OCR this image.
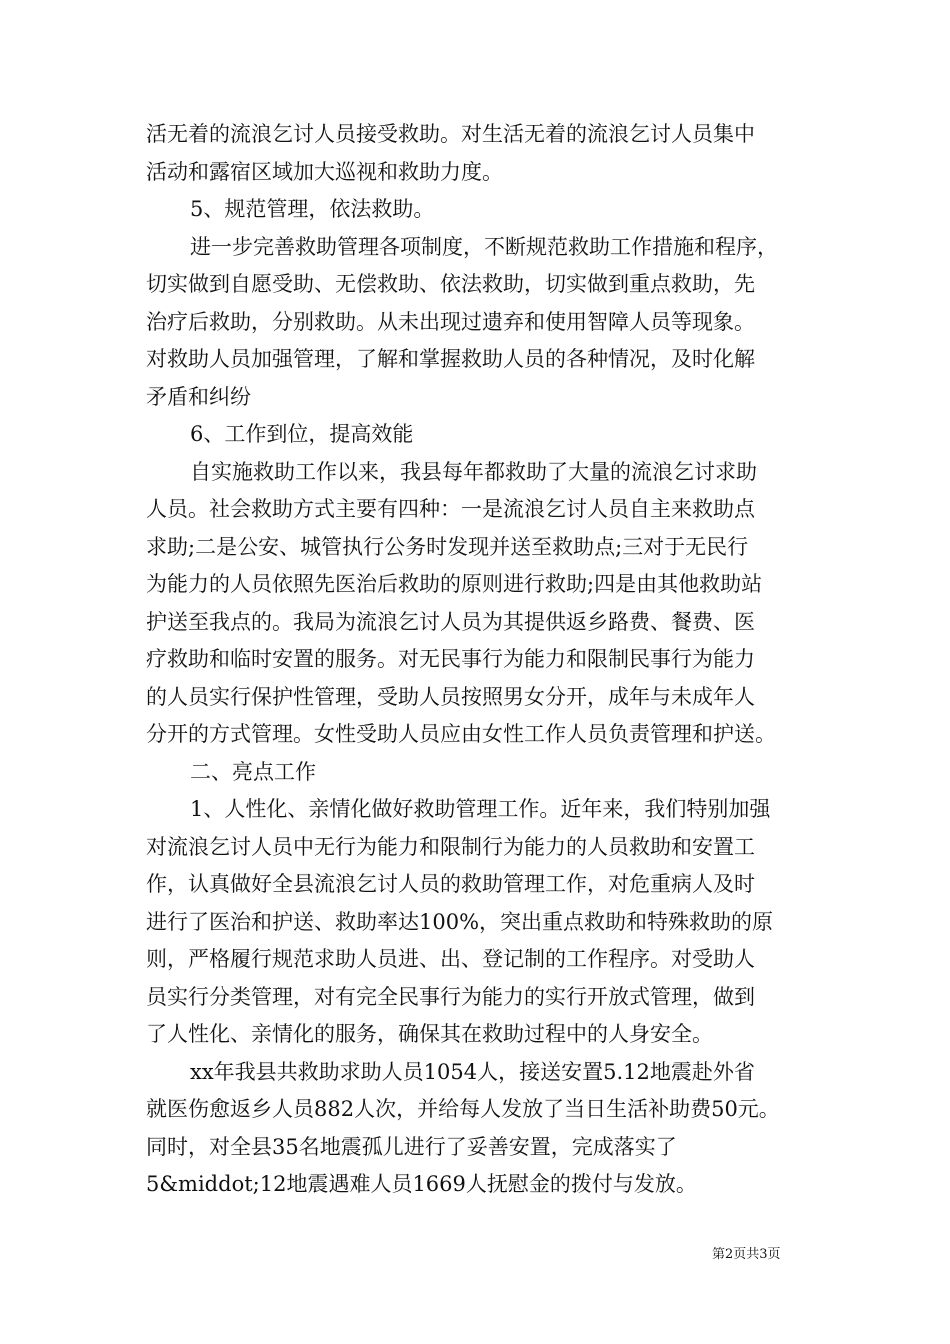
活无着的流浪乞讨人员接受救助。对生活无着的流浪乞讨人员集中
活动和露宿区域加大巡视和救助力度。
5、规范管理，依法救助。
进一步完善救助管理各项制度，不断规范救助工作措施和程序，
切实做到自愿受助、无偿救助、依法救助，切实做到重点救助，先
治疗后救助，分别救助。从未出现过遗弃和使用智障人员等现象。
对救助人员加强管理，了解和掌握救助人员的各种情况，及时化解
矛盾和纠纷
6、工作到位，提高效能
自实施救助工作以来，我县每年都救助了大量的流浪乞讨求助
人员。社会救助方式主要有四种：一是流浪乞讨人员自主来救助点
求助;二是公安、城管执行公务时发现并送至救助点;三对于无民行
为能力的人员依照先医治后救助的原则进行救助;四是由其他救助站
护送至我点的。我局为流浪乞讨人员为其提供返乡路费、餐费、医
疗救助和临时安置的服务。对无民事行为能力和限制民事行为能力
的人员实行保护性管理，受助人员按照男女分开，成年与未成年人
分开的方式管理。女性受助人员应由女性工作人员负责管理和护送。
二、亮点工作
1、人性化、亲情化做好救助管理工作。近年来，我们特别加强
对流浪乞讨人员中无行为能力和限制行为能力的人员救助和安置工
作，认真做好全县流浪乞讨人员的救助管理工作，对危重病人及时
进行了医治和护送、救助率达100%，突出重点救助和特殊救助的原
则，严格履行规范求助人员进、出、登记制的工作程序。对受助人
员实行分类管理，对有完全民事行为能力的实行开放式管理，做到
了人性化、亲情化的服务，确保其在救助过程中的人身安全。
xx年我县共救助求助人员1054人，接送安置5.12地震赴外省
就医伤愈返乡人员882人次，并给每人发放了当日生活补助费50元。
同时，对全县35名地震孤儿进行了妥善安置，完成落实了
5&middot;12地震遇难人员1669人抚慰金的拨付与发放。
第2页共3页
